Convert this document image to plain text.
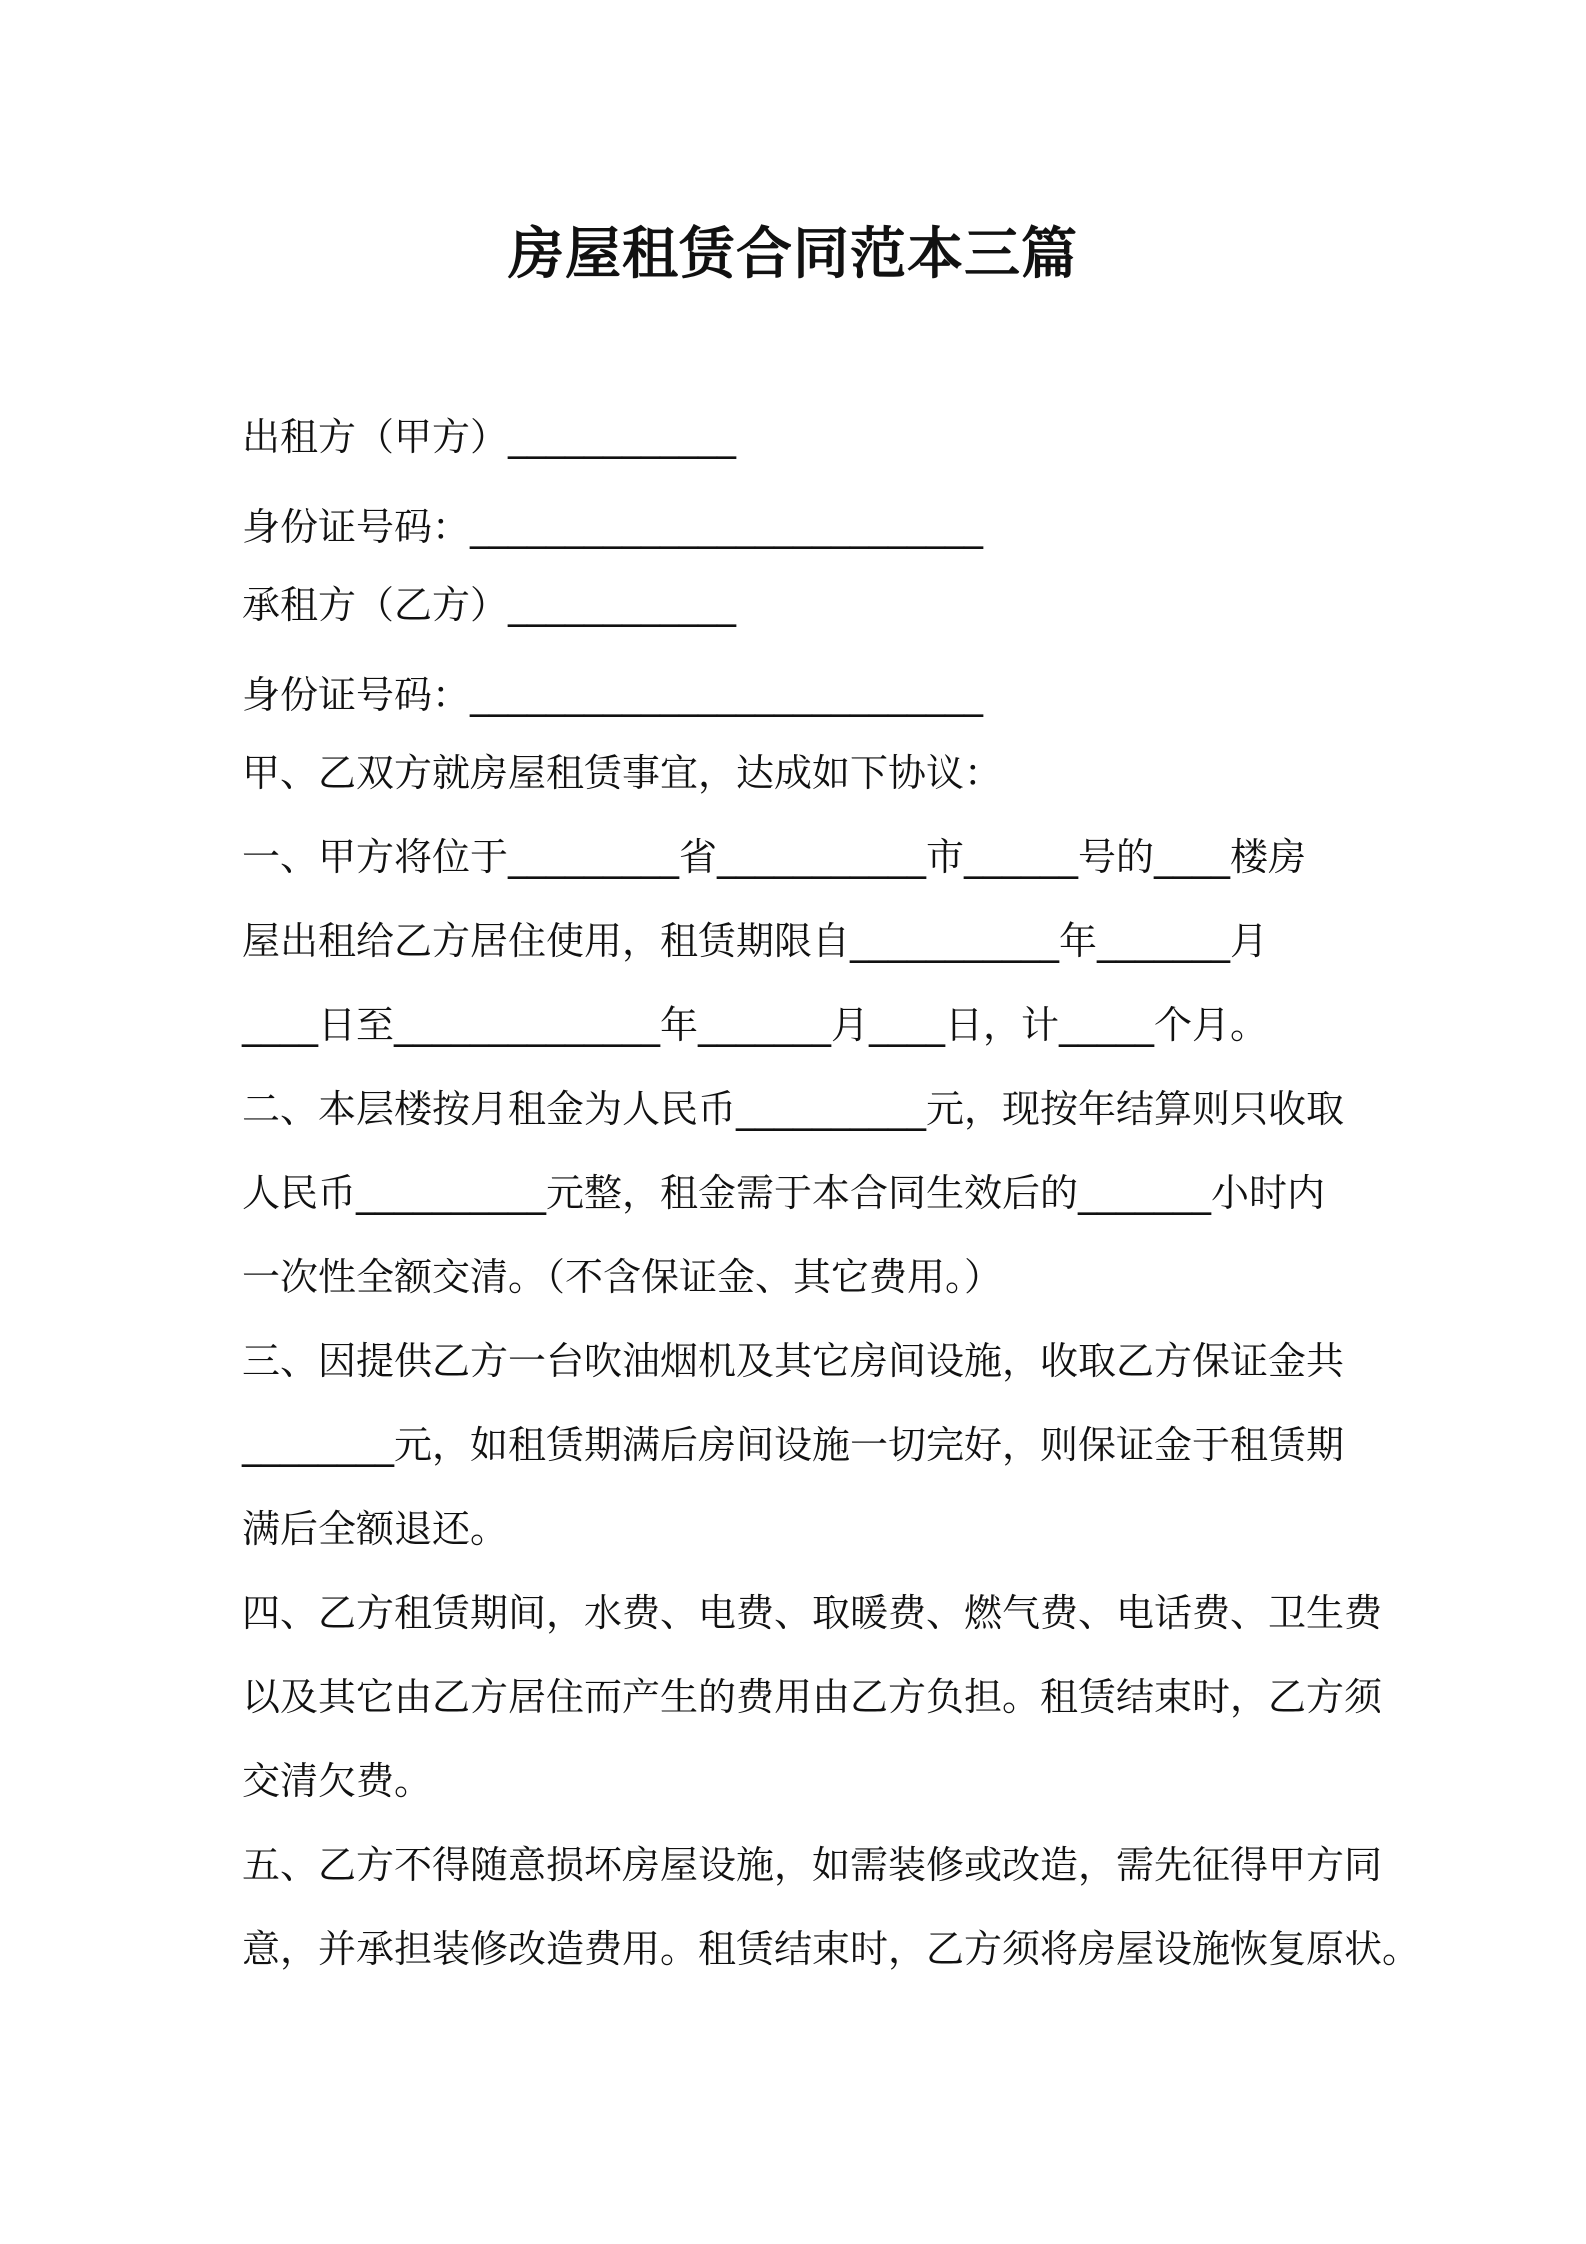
房屋租赁合同范本三篇
出租方（甲方）____________
身份证号码：___________________________
承租方（乙方）____________
身份证号码：___________________________
甲、乙双方就房屋租赁事宜，达成如下协议：
一、甲方将位于_________省___________市______号的____楼房
屋出租给乙方居住使用，租赁期限自___________年_______月
____日至______________年_______月____日，计_____个月。
二、本层楼按月租金为人民币__________元，现按年结算则只收取
人民币__________元整，租金需于本合同生效后的_______小时内
一次性全额交清。（不含保证金、其它费用。）
三、因提供乙方一台吹油烟机及其它房间设施，收取乙方保证金共
________元，如租赁期满后房间设施一切完好，则保证金于租赁期
满后全额退还。
四、乙方租赁期间，水费、电费、取暖费、燃气费、电话费、卫生费
以及其它由乙方居住而产生的费用由乙方负担。租赁结束时，乙方须
交清欠费。
五、乙方不得随意损坏房屋设施，如需装修或改造，需先征得甲方同
意，并承担装修改造费用。租赁结束时，乙方须将房屋设施恢复原状。
